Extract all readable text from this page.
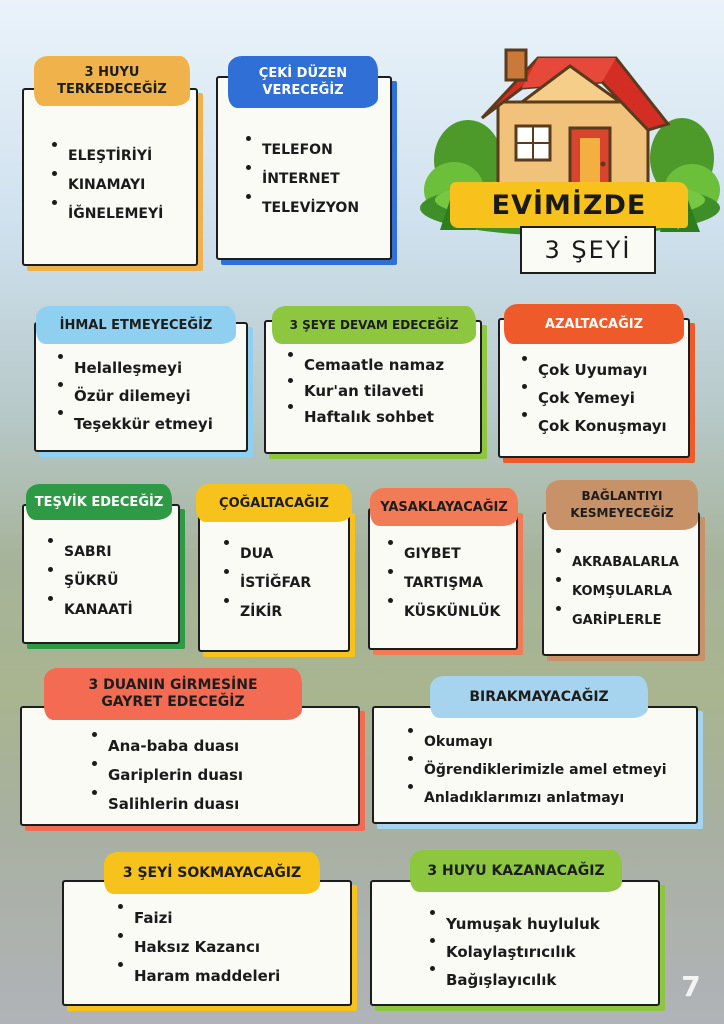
EVİMİZDE
3 ŞEYİ
ELEŞTİRİYİ
KINAMAYI
İĞNELEMEYİ
3 HUYU
TERKEDECEĞİZ
TELEFON
İNTERNET
TELEVİZYON
ÇEKİ DÜZEN
VERECEĞİZ
Helalleşmeyi
Özür dilemeyi
Teşekkür etmeyi
İHMAL ETMEYECEĞİZ
Cemaatle namaz
Kur'an tilaveti
Haftalık sohbet
3 ŞEYE DEVAM EDECEĞİZ
Çok Uyumayı
Çok Yemeyi
Çok Konuşmayı
AZALTACAĞIZ
SABRI
ŞÜKRÜ
KANAATİ
TEŞVİK EDECEĞİZ
DUA
İSTİĞFAR
ZİKİR
ÇOĞALTACAĞIZ
GIYBET
TARTIŞMA
KÜSKÜNLÜK
YASAKLAYACAĞIZ
AKRABALARLA
KOMŞULARLA
GARİPLERLE
BAĞLANTIYI
KESMEYECEĞİZ
Ana-baba duası
Gariplerin duası
Salihlerin duası
3 DUANIN GİRMESİNE
GAYRET EDECEĞİZ
Okumayı
Öğrendiklerimizle amel etmeyi
Anladıklarımızı anlatmayı
BIRAKMAYACAĞIZ
Faizi
Haksız Kazancı
Haram maddeleri
3 ŞEYİ SOKMAYACAĞIZ
Yumuşak huyluluk
Kolaylaştırıcılık
Bağışlayıcılık
3 HUYU KAZANACAĞIZ
7
